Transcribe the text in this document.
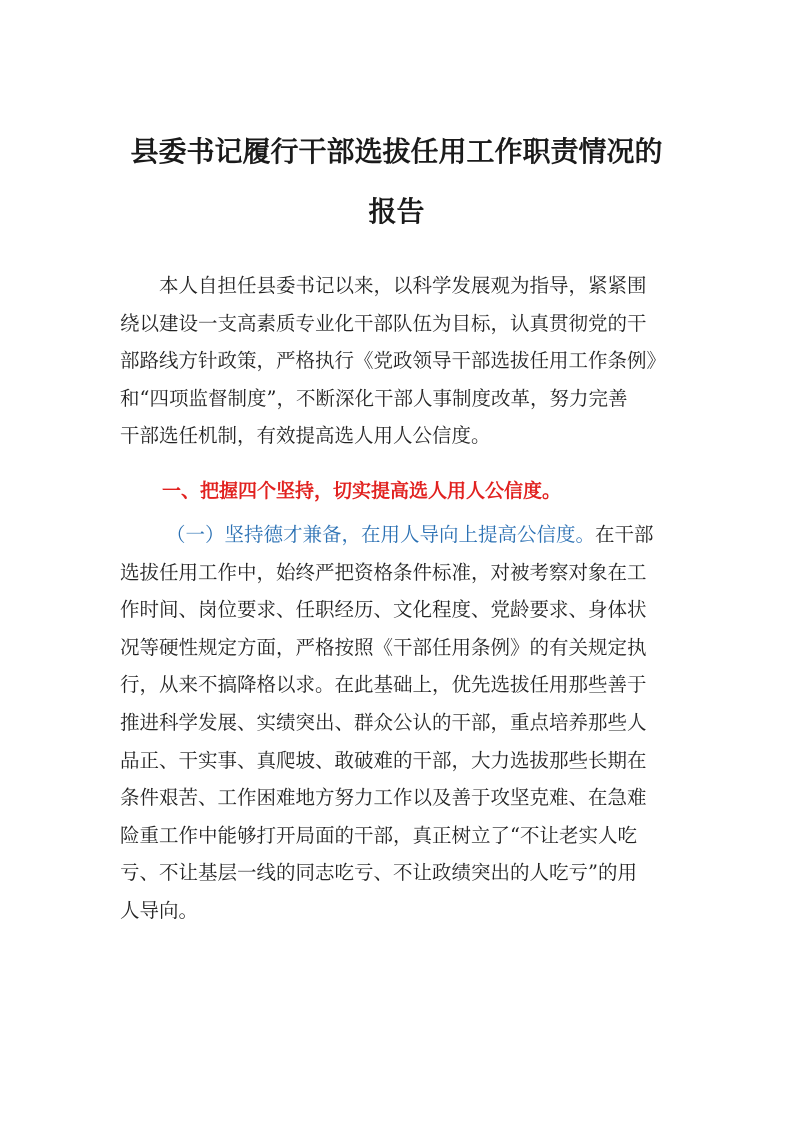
县委书记履行干部选拔任用工作职责情况的
报告
　　本人自担任县委书记以来，以科学发展观为指导，紧紧围
绕以建设一支高素质专业化干部队伍为目标，认真贯彻党的干
部路线方针政策，严格执行《党政领导干部选拔任用工作条例》
和“四项监督制度”，不断深化干部人事制度改革，努力完善
干部选任机制，有效提高选人用人公信度。
一、把握四个坚持，切实提高选人用人公信度。
（一）坚持德才兼备，在用人导向上提高公信度。在干部
选拔任用工作中，始终严把资格条件标准，对被考察对象在工
作时间、岗位要求、任职经历、文化程度、党龄要求、身体状
况等硬性规定方面，严格按照《干部任用条例》的有关规定执
行，从来不搞降格以求。在此基础上，优先选拔任用那些善于
推进科学发展、实绩突出、群众公认的干部，重点培养那些人
品正、干实事、真爬坡、敢破难的干部，大力选拔那些长期在
条件艰苦、工作困难地方努力工作以及善于攻坚克难、在急难
险重工作中能够打开局面的干部，真正树立了“不让老实人吃
亏、不让基层一线的同志吃亏、不让政绩突出的人吃亏”的用
人导向。
